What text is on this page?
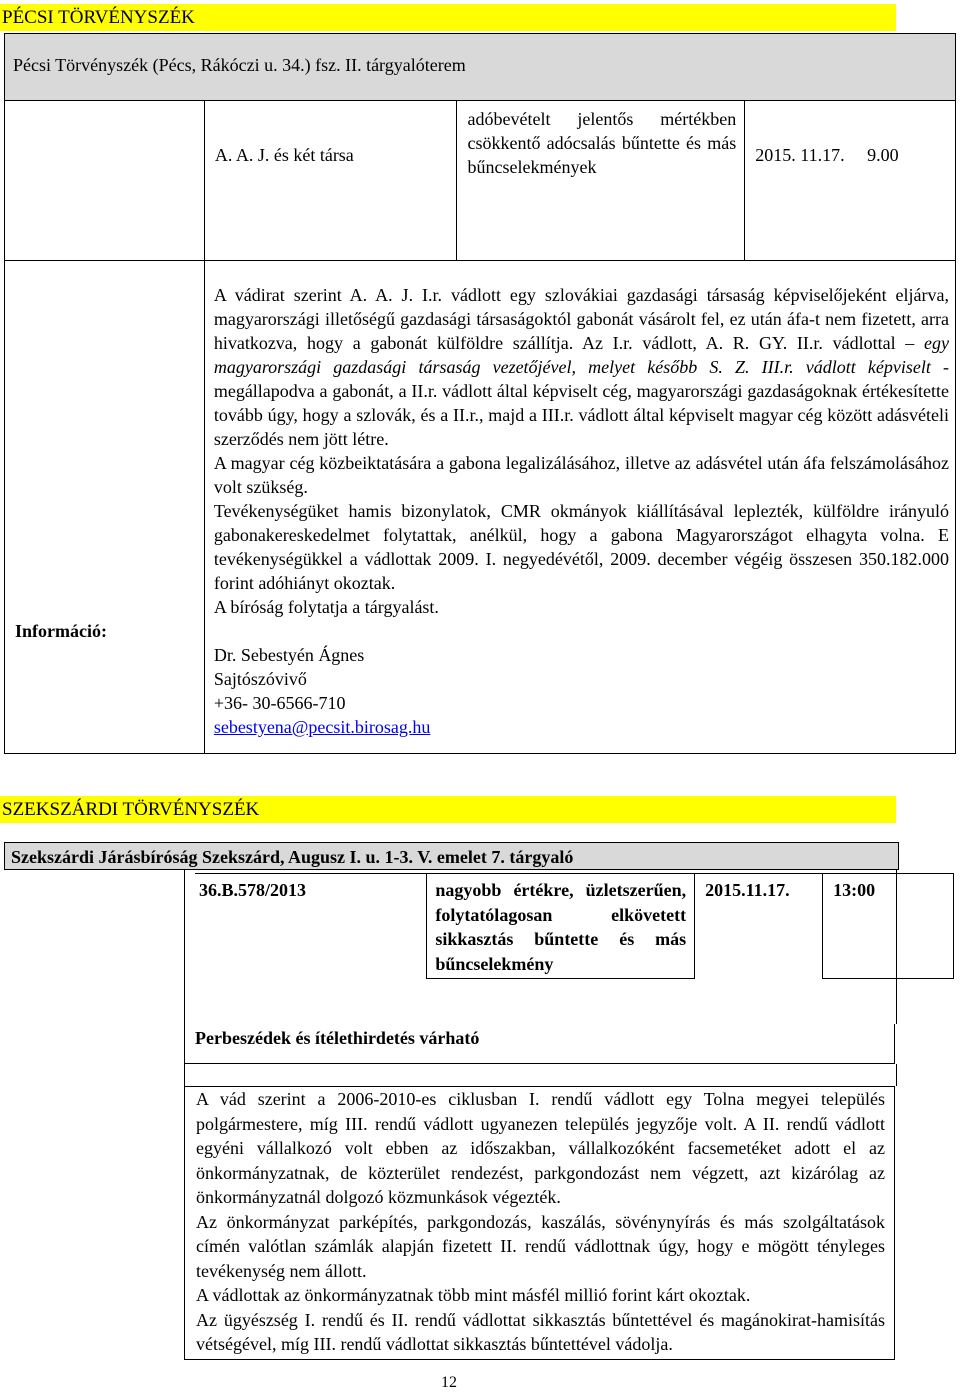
PÉCSI TÖRVÉNYSZÉK
Pécsi Törvényszék (Pécs, Rákóczi u. 34.) fsz. II. tárgyalóterem			
	A. A. J. és két társa	adóbevételt jelentős mértékben csökkentő adócsalás bűntette és más bűncselekmények	2015. 11.17. 9.00

Információ:	A vádirat szerint A. A. J. I.r. vádlott egy szlovákiai gazdasági társaság képviselőjeként eljárva, magyarországi illetőségű gazdasági társaságoktól gabonát vásárolt fel, ez után áfa-t nem fizetett, arra hivatkozva, hogy a gabonát külföldre szállítja. Az I.r. vádlott, A. R. GY. II.r. vádlottal – egy magyarországi gazdasági társaság vezetőjével, melyet később S. Z. III.r. vádlott képviselt - megállapodva a gabonát, a II.r. vádlott által képviselt cég, magyarországi gazdaságoknak értékesítette tovább úgy, hogy a szlovák, és a II.r., majd a III.r. vádlott által képviselt magyar cég között adásvételi szerződés nem jött létre.

A magyar cég közbeiktatására a gabona legalizálásához, illetve az adásvétel után áfa felszámolásához volt szükség.

Tevékenységüket hamis bizonylatok, CMR okmányok kiállításával leplezték, külföldre irányuló gabonakereskedelmet folytattak, anélkül, hogy a gabona Magyarországot elhagyta volna. E tevékenységükkel a vádlottak 2009. I. negyedévétől, 2009. december végéig összesen 350.182.000 forint adóhiányt okoztak.

A bíróság folytatja a tárgyalást.		

	Dr. Sebestyén Ágnes

Sajtószóvivő

+36- 30-6566-710

sebestyena@pecsit.birosag.hu		

SZEKSZÁRDI TÖRVÉNYSZÉK
Szekszárdi Járásbíróság Szekszárd, Augusz I. u. 1-3. V. emelet 7. tárgyaló
36.B.578/2013	nagyobb értékre, üzletszerűen, folytatólagosan elkövetett sikkasztás bűntette és más bűncselekmény	2015.11.17.	13:00
Perbeszédek és ítélethirdetés várható

A vád szerint a 2006-2010-es ciklusban I. rendű vádlott egy Tolna megyei település polgármestere, míg III. rendű vádlott ugyanezen település jegyzője volt. A II. rendű vádlott egyéni vállalkozó volt ebben az időszakban, vállalkozóként facsemetéket adott el az önkormányzatnak, de közterület rendezést, parkgondozást nem végzett, azt kizárólag az önkormányzatnál dolgozó közmunkások végezték.

Az önkormányzat parképítés, parkgondozás, kaszálás, sövénynyírás és más szolgáltatások címén valótlan számlák alapján fizetett II. rendű vádlottnak úgy, hogy e mögött tényleges tevékenység nem állott.

A vádlottak az önkormányzatnak több mint másfél millió forint kárt okoztak.

Az ügyészség I. rendű és II. rendű vádlottat sikkasztás bűntettével és magánokirat-hamisítás vétségével, míg III. rendű vádlottat sikkasztás bűntettével vádolja.

12
